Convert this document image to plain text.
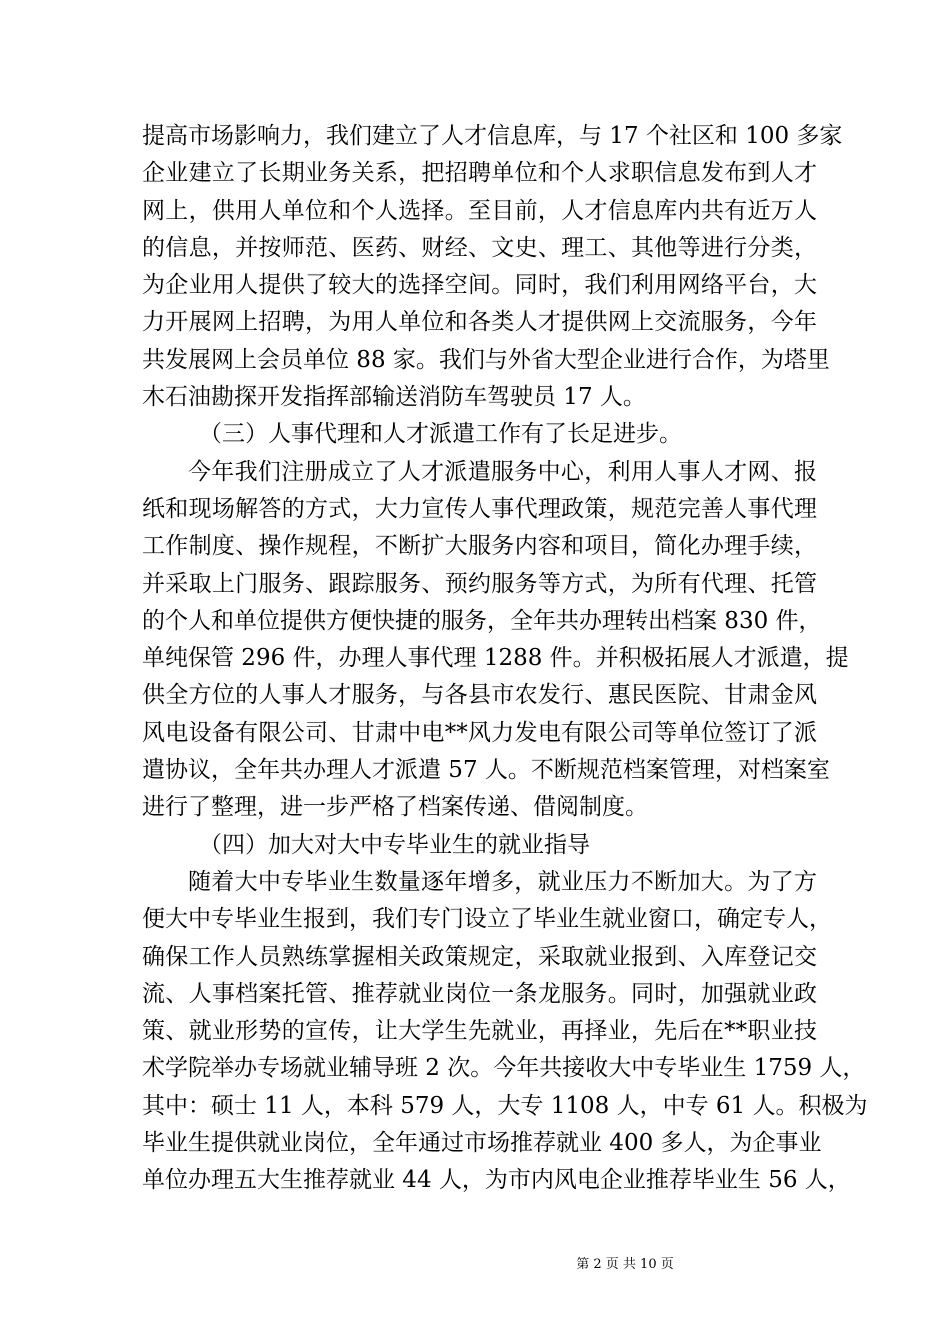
提高市场影响力，我们建立了人才信息库，与 17 个社区和 100 多家
企业建立了长期业务关系，把招聘单位和个人求职信息发布到人才
网上，供用人单位和个人选择。至目前，人才信息库内共有近万人
的信息，并按师范、医药、财经、文史、理工、其他等进行分类，
为企业用人提供了较大的选择空间。同时，我们利用网络平台，大
力开展网上招聘，为用人单位和各类人才提供网上交流服务，今年
共发展网上会员单位 88 家。我们与外省大型企业进行合作，为塔里
木石油勘探开发指挥部输送消防车驾驶员 17 人。
（三）人事代理和人才派遣工作有了长足进步。
今年我们注册成立了人才派遣服务中心，利用人事人才网、报
纸和现场解答的方式，大力宣传人事代理政策，规范完善人事代理
工作制度、操作规程，不断扩大服务内容和项目，简化办理手续，
并采取上门服务、跟踪服务、预约服务等方式，为所有代理、托管
的个人和单位提供方便快捷的服务，全年共办理转出档案 830 件，
单纯保管 296 件，办理人事代理 1288 件。并积极拓展人才派遣，提
供全方位的人事人才服务，与各县市农发行、惠民医院、甘肃金风
风电设备有限公司、甘肃中电**风力发电有限公司等单位签订了派
遣协议，全年共办理人才派遣 57 人。不断规范档案管理，对档案室
进行了整理，进一步严格了档案传递、借阅制度。
（四）加大对大中专毕业生的就业指导
随着大中专毕业生数量逐年增多，就业压力不断加大。为了方
便大中专毕业生报到，我们专门设立了毕业生就业窗口，确定专人，
确保工作人员熟练掌握相关政策规定，采取就业报到、入库登记交
流、人事档案托管、推荐就业岗位一条龙服务。同时，加强就业政
策、就业形势的宣传，让大学生先就业，再择业，先后在**职业技
术学院举办专场就业辅导班 2 次。今年共接收大中专毕业生 1759 人，
其中：硕士 11 人，本科 579 人，大专 1108 人，中专 61 人。积极为
毕业生提供就业岗位，全年通过市场推荐就业 400 多人，为企事业
单位办理五大生推荐就业 44 人，为市内风电企业推荐毕业生 56 人，
第 2 页 共 10 页
